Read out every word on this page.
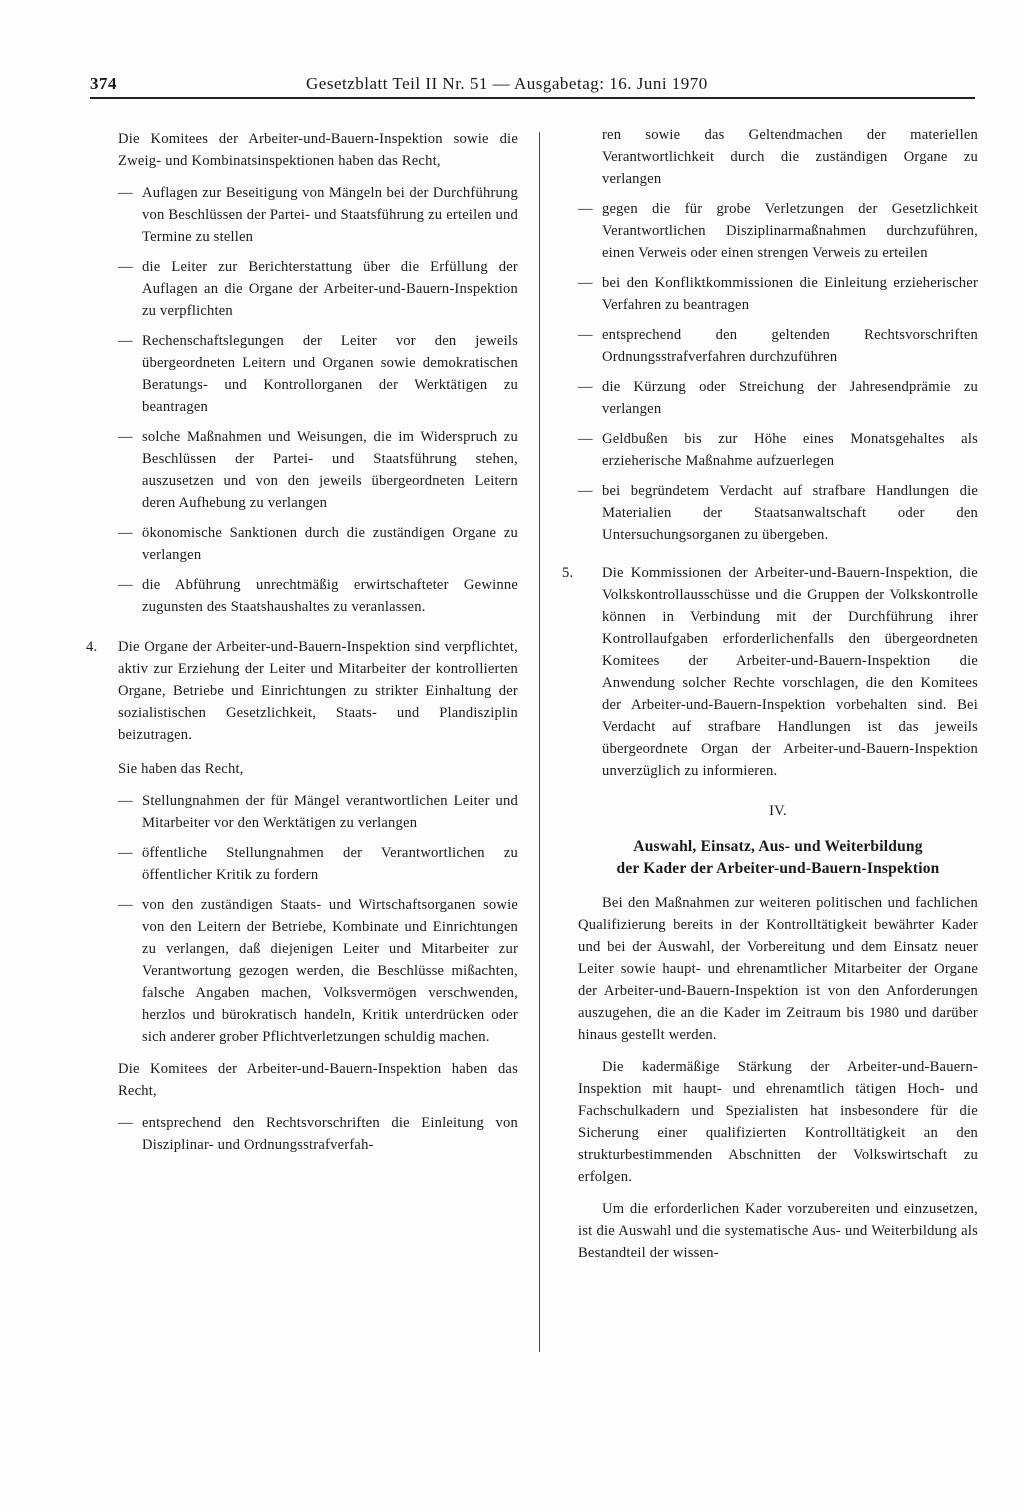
374	Gesetzblatt Teil II Nr. 51 — Ausgabetag: 16. Juni 1970

Die Komitees der Arbeiter-und-Bauern-Inspektion sowie die Zweig- und Kombinatsinspektionen haben das Recht,

— Auflagen zur Beseitigung von Mängeln bei der Durchführung von Beschlüssen der Partei- und Staatsführung zu erteilen und Termine zu stellen
— die Leiter zur Berichterstattung über die Erfüllung der Auflagen an die Organe der Arbeiter-und-Bauern-Inspektion zu verpflichten
— Rechenschaftslegungen der Leiter vor den jeweils übergeordneten Leitern und Organen sowie demokratischen Beratungs- und Kontrollorganen der Werktätigen zu beantragen
— solche Maßnahmen und Weisungen, die im Widerspruch zu Beschlüssen der Partei- und Staatsführung stehen, auszusetzen und von den jeweils übergeordneten Leitern deren Aufhebung zu verlangen
— ökonomische Sanktionen durch die zuständigen Organe zu verlangen
— die Abführung unrechtmäßig erwirtschafteter Gewinne zugunsten des Staatshaushaltes zu veranlassen.
4. Die Organe der Arbeiter-und-Bauern-Inspektion sind verpflichtet, aktiv zur Erziehung der Leiter und Mitarbeiter der kontrollierten Organe, Betriebe und Einrichtungen zu strikter Einhaltung der sozialistischen Gesetzlichkeit, Staats- und Plandisziplin beizutragen.

Sie haben das Recht,

— Stellungnahmen der für Mängel verantwortlichen Leiter und Mitarbeiter vor den Werktätigen zu verlangen
— öffentliche Stellungnahmen der Verantwortlichen zu öffentlicher Kritik zu fordern
— von den zuständigen Staats- und Wirtschaftsorganen sowie von den Leitern der Betriebe, Kombinate und Einrichtungen zu verlangen, daß diejenigen Leiter und Mitarbeiter zur Verantwortung gezogen werden, die Beschlüsse mißachten, falsche Angaben machen, Volksvermögen verschwenden, herzlos und bürokratisch handeln, Kritik unterdrücken oder sich anderer grober Pflichtverletzungen schuldig machen.

Die Komitees der Arbeiter-und-Bauern-Inspektion haben das Recht,

— entsprechend den Rechtsvorschriften die Einleitung von Disziplinar- und Ordnungsstrafverfah-

ren sowie das Geltendmachen der materiellen Verantwortlichkeit durch die zuständigen Organe zu verlangen

— gegen die für grobe Verletzungen der Gesetzlichkeit Verantwortlichen Disziplinarmaßnahmen durchzuführen, einen Verweis oder einen strengen Verweis zu erteilen
— bei den Konfliktkommissionen die Einleitung erzieherischer Verfahren zu beantragen
— entsprechend den geltenden Rechtsvorschriften Ordnungsstrafverfahren durchzuführen
— die Kürzung oder Streichung der Jahresendprämie zu verlangen
— Geldbußen bis zur Höhe eines Monatsgehaltes als erzieherische Maßnahme aufzuerlegen
— bei begründetem Verdacht auf strafbare Handlungen die Materialien der Staatsanwaltschaft oder den Untersuchungsorganen zu übergeben.
5. Die Kommissionen der Arbeiter-und-Bauern-Inspektion, die Volkskontrollausschüsse und die Gruppen der Volkskontrolle können in Verbindung mit der Durchführung ihrer Kontrollaufgaben erforderlichenfalls den übergeordneten Komitees der Arbeiter-und-Bauern-Inspektion die Anwendung solcher Rechte vorschlagen, die den Komitees der Arbeiter-und-Bauern-Inspektion vorbehalten sind. Bei Verdacht auf strafbare Handlungen ist das jeweils übergeordnete Organ der Arbeiter-und-Bauern-Inspektion unverzüglich zu informieren.

IV.

Auswahl, Einsatz, Aus- und Weiterbildung

der Kader der Arbeiter-und-Bauern-Inspektion

Bei den Maßnahmen zur weiteren politischen und fachlichen Qualifizierung bereits in der Kontrolltätigkeit bewährter Kader und bei der Auswahl, der Vorbereitung und dem Einsatz neuer Leiter sowie haupt- und ehrenamtlicher Mitarbeiter der Organe der Arbeiter-und-Bauern-Inspektion ist von den Anforderungen auszugehen, die an die Kader im Zeitraum bis 1980 und darüber hinaus gestellt werden.

Die kadermäßige Stärkung der Arbeiter-und-Bauern-Inspektion mit haupt- und ehrenamtlich tätigen Hoch- und Fachschulkadern und Spezialisten hat insbesondere für die Sicherung einer qualifizierten Kontrolltätigkeit an den strukturbestimmenden Abschnitten der Volkswirtschaft zu erfolgen.

Um die erforderlichen Kader vorzubereiten und einzusetzen, ist die Auswahl und die systematische Aus- und Weiterbildung als Bestandteil der wissen-
